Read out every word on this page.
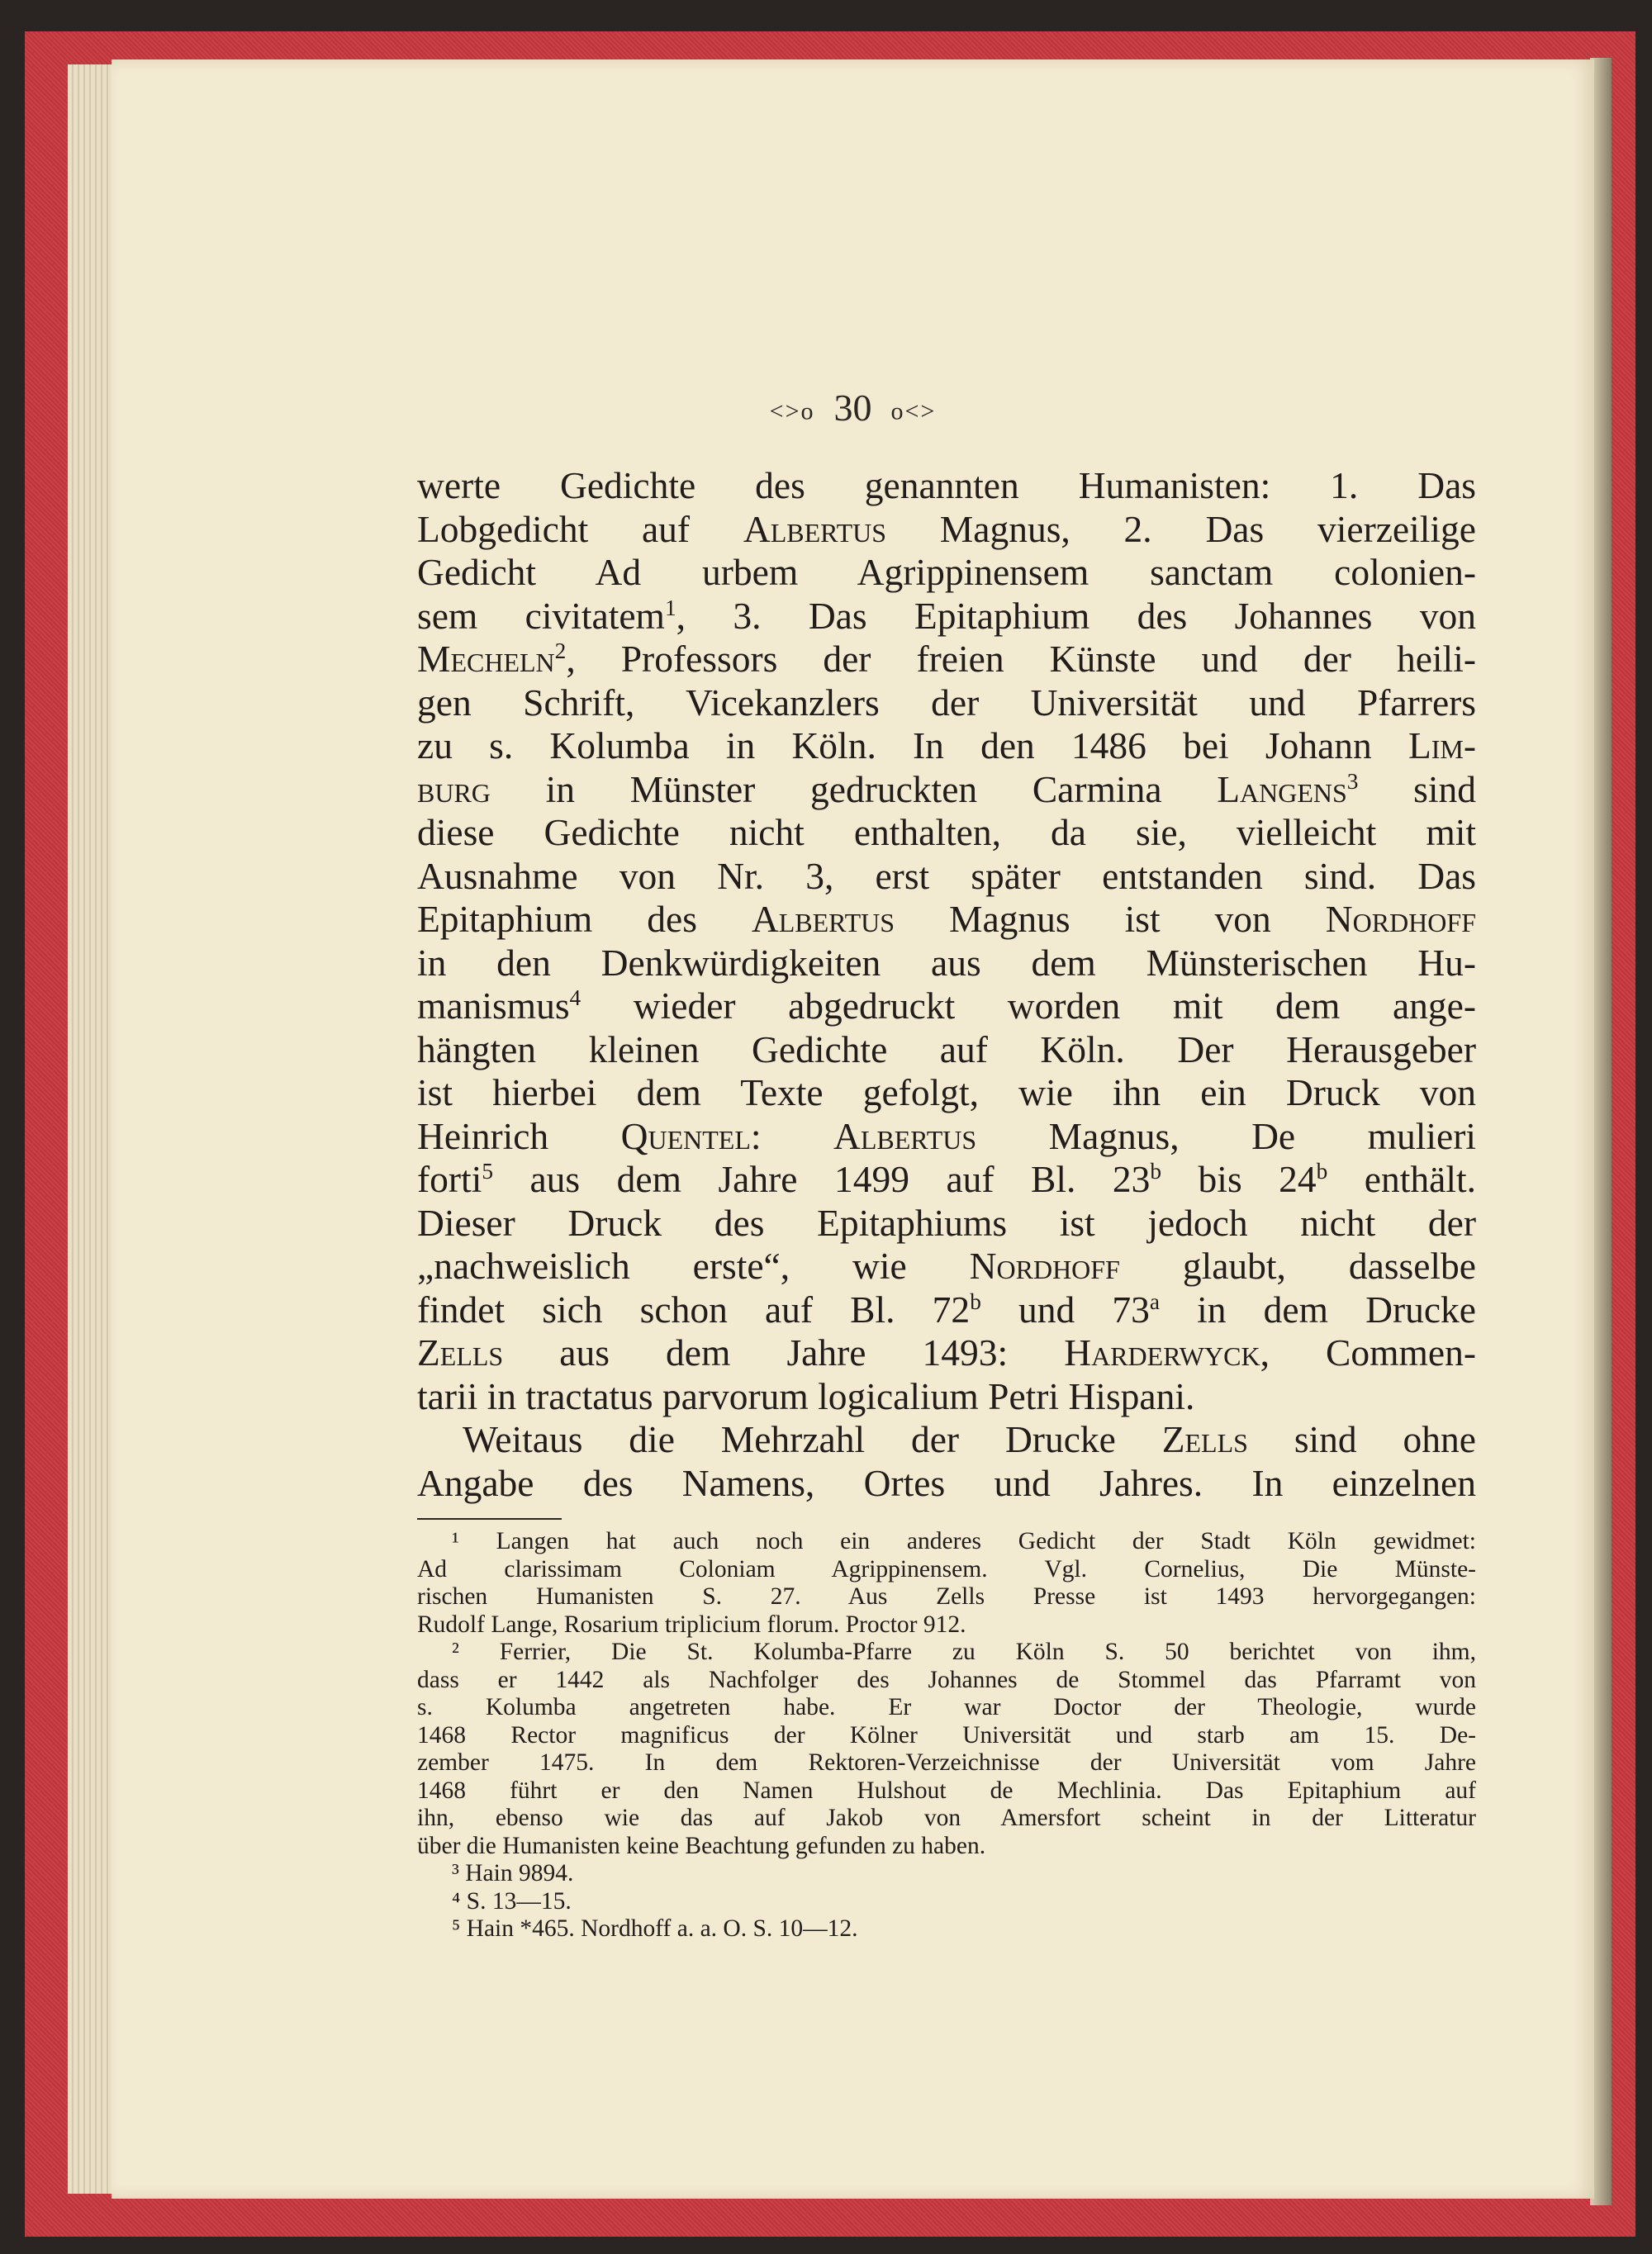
<>o 30 o<>
werte Gedichte des genannten Humanisten: 1. Das
Lobgedicht auf Albertus Magnus, 2. Das vierzeilige
Gedicht Ad urbem Agrippinensem sanctam colonien-
sem civitatem$^1$, 3. Das Epitaphium des Johannes von
Mecheln$^2$, Professors der freien Künste und der heili-
gen Schrift, Vicekanzlers der Universität und Pfarrers
zu s. Kolumba in Köln. In den 1486 bei Johann Lim-
burg in Münster gedruckten Carmina Langens$^3$ sind
diese Gedichte nicht enthalten, da sie, vielleicht mit
Ausnahme von Nr. 3, erst später entstanden sind. Das
Epitaphium des Albertus Magnus ist von Nordhoff
in den Denkwürdigkeiten aus dem Münsterischen Hu-
manismus$^4$ wieder abgedruckt worden mit dem ange-
hängten kleinen Gedichte auf Köln. Der Herausgeber
ist hierbei dem Texte gefolgt, wie ihn ein Druck von
Heinrich Quentel: Albertus Magnus, De mulieri
forti$^5$ aus dem Jahre 1499 auf Bl. 23$^b$ bis 24$^b$ enthält.
Dieser Druck des Epitaphiums ist jedoch nicht der
„nachweislich erste“, wie Nordhoff glaubt, dasselbe
findet sich schon auf Bl. 72$^b$ und 73$^a$ in dem Drucke
Zells aus dem Jahre 1493: Harderwyck, Commen-
tarii in tractatus parvorum logicalium Petri Hispani.
Weitaus die Mehrzahl der Drucke Zells sind ohne
Angabe des Namens, Ortes und Jahres. In einzelnen
¹ Langen hat auch noch ein anderes Gedicht der Stadt Köln gewidmet:
Ad clarissimam Coloniam Agrippinensem. Vgl. Cornelius, Die Münste-
rischen Humanisten S. 27. Aus Zells Presse ist 1493 hervorgegangen:
Rudolf Lange, Rosarium triplicium florum. Proctor 912.
² Ferrier, Die St. Kolumba-Pfarre zu Köln S. 50 berichtet von ihm,
dass er 1442 als Nachfolger des Johannes de Stommel das Pfarramt von
s. Kolumba angetreten habe. Er war Doctor der Theologie, wurde
1468 Rector magnificus der Kölner Universität und starb am 15. De-
zember 1475. In dem Rektoren-Verzeichnisse der Universität vom Jahre
1468 führt er den Namen Hulshout de Mechlinia. Das Epitaphium auf
ihn, ebenso wie das auf Jakob von Amersfort scheint in der Litteratur
über die Humanisten keine Beachtung gefunden zu haben.
³ Hain 9894.
⁴ S. 13—15.
⁵ Hain *465. Nordhoff a. a. O. S. 10—12.
